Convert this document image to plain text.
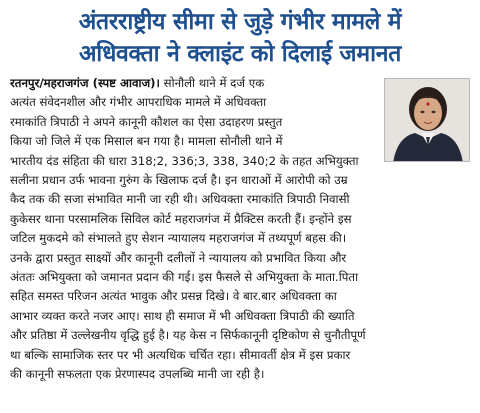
अंतरराष्ट्रीय सीमा से जुड़े गंभीर मामले में
अधिवक्ता ने क्लाइंट को दिलाई जमानत
रतनपुर/महराजगंज (स्पष्ट आवाज)। सोनौली थाने में दर्ज एक
अत्यंत संवेदनशील और गंभीर आपराधिक मामले में अधिवक्ता
रमाकांति त्रिपाठी ने अपने कानूनी कौशल का ऐसा उदाहरण प्रस्तुत
किया जो जिले में एक मिसाल बन गया है। मामला सोनौली थाने में
भारतीय दंड संहिता की धारा 318;2, 336;3, 338, 340;2 के तहत अभियुक्ता
सलीना प्रधान उर्फ भावना गुरुंग के खिलाफ दर्ज है। इन धाराओं में आरोपी को उम्र
कैद तक की सजा संभावित मानी जा रही थी। अधिवक्ता रमाकांति त्रिपाठी निवासी
कुकेसर थाना परसामलिक सिविल कोर्ट महराजगंज में प्रैक्टिस करती हैं। इन्होंने इस
जटिल मुकदमे को संभालते हुए सेशन न्यायालय महराजगंज में तथ्यपूर्ण बहस की।
उनके द्वारा प्रस्तुत साक्ष्यों और कानूनी दलीलों ने न्यायालय को प्रभावित किया और
अंततः अभियुक्ता को जमानत प्रदान की गई। इस फैसले से अभियुक्ता के माता.पिता
सहित समस्त परिजन अत्यंत भावुक और प्रसन्न दिखे। वे बार.बार अधिवक्ता का
आभार व्यक्त करते नजर आए। साथ ही समाज में भी अधिवक्ता त्रिपाठी की ख्याति
और प्रतिष्ठा में उल्लेखनीय वृद्धि हुई है। यह केस न सिर्फकानूनी दृष्टिकोण से चुनौतीपूर्ण
था बल्कि सामाजिक स्तर पर भी अत्यधिक चर्चित रहा। सीमावर्ती क्षेत्र में इस प्रकार
की कानूनी सफलता एक प्रेरणास्पद उपलब्धि मानी जा रही है।
